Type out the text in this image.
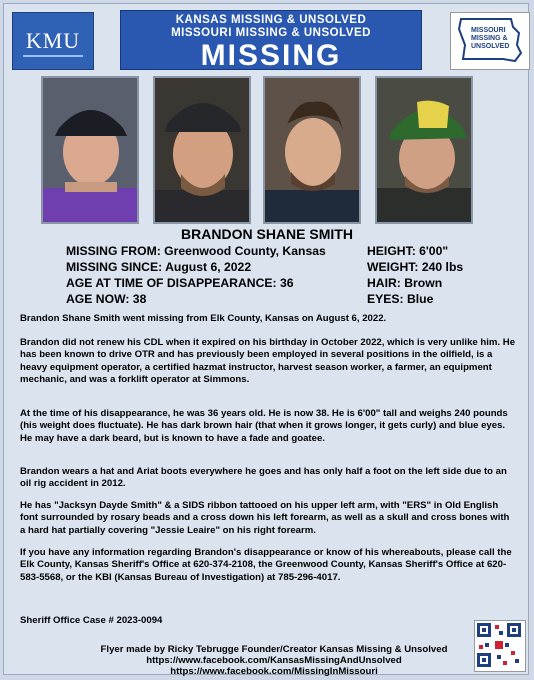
KMU
KANSAS MISSING & UNSOLVED
MISSOURI MISSING & UNSOLVED
MISSING
MISSOURI
MISSING &
UNSOLVED
BRANDON SHANE SMITH
MISSING FROM: Greenwood County, Kansas
MISSING SINCE: August 6, 2022
AGE AT TIME OF DISAPPEARANCE: 36
AGE NOW: 38
HEIGHT: 6'00"
WEIGHT: 240 lbs
HAIR: Brown
EYES: Blue
Brandon Shane Smith went missing from Elk County, Kansas on August 6, 2022.
Brandon did not renew his CDL when it expired on his birthday in October 2022, which is very unlike him. He has been known to drive OTR and has previously been employed in several positions in the oilfield, is a heavy equipment operator, a certified hazmat instructor, harvest season worker, a farmer, an equipment mechanic, and was a forklift operator at Simmons.
At the time of his disappearance, he was 36 years old. He is now 38. He is 6'00" tall and weighs 240 pounds (his weight does fluctuate). He has dark brown hair (that when it grows longer, it gets curly) and blue eyes. He may have a dark beard, but is known to have a fade and goatee.
Brandon wears a hat and Ariat boots everywhere he goes and has only half a foot on the left side due to an oil rig accident in 2012.
He has "Jacksyn Dayde Smith" & a SIDS ribbon tattooed on his upper left arm, with "ERS" in Old English font surrounded by rosary beads and a cross down his left forearm, as well as a skull and cross bones with a hard hat partially covering "Jessie Leaire" on his right forearm.
If you have any information regarding Brandon's disappearance or know of his whereabouts, please call the Elk County, Kansas Sheriff's Office at 620-374-2108, the Greenwood County, Kansas Sheriff's Office at 620-583-5568, or the KBI (Kansas Bureau of Investigation) at 785-296-4017.
Sheriff Office Case # 2023-0094
Flyer made by Ricky Tebrugge Founder/Creator Kansas Missing & Unsolved
https://www.facebook.com/KansasMissingAndUnsolved
https://www.facebook.com/MissingInMissouri
